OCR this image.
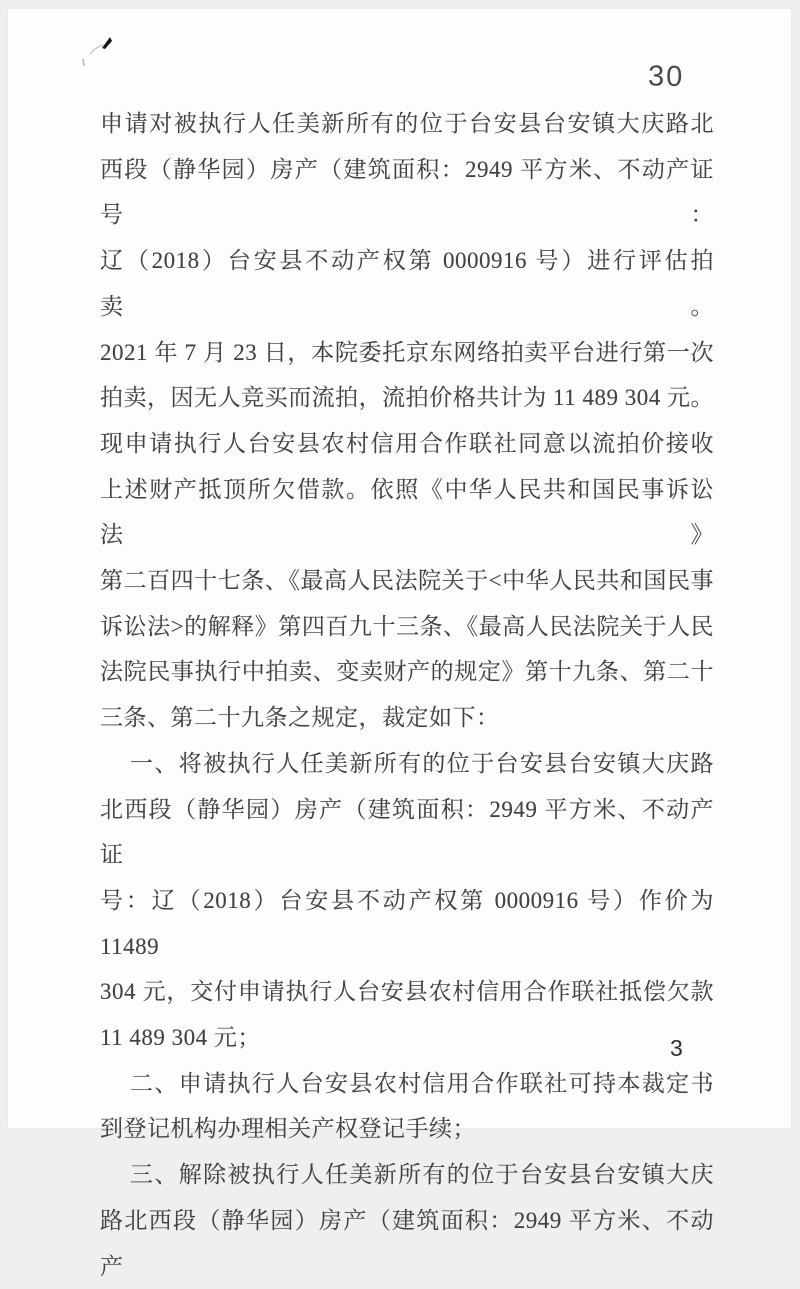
30
申请对被执行人任美新所有的位于台安县台安镇大庆路北
西段（静华园）房产（建筑面积：2949 平方米、不动产证号：
辽（2018）台安县不动产权第 0000916 号）进行评估拍卖。
2021 年 7 月 23 日，本院委托京东网络拍卖平台进行第一次
拍卖，因无人竞买而流拍，流拍价格共计为 11 489 304 元。
现申请执行人台安县农村信用合作联社同意以流拍价接收
上述财产抵顶所欠借款。依照《中华人民共和国民事诉讼法》
第二百四十七条、《最高人民法院关于<中华人民共和国民事
诉讼法>的解释》第四百九十三条、《最高人民法院关于人民
法院民事执行中拍卖、变卖财产的规定》第十九条、第二十
三条、第二十九条之规定，裁定如下：
一、将被执行人任美新所有的位于台安县台安镇大庆路
北西段（静华园）房产（建筑面积：2949 平方米、不动产证
号：辽（2018）台安县不动产权第 0000916 号）作价为 11489
304 元，交付申请执行人台安县农村信用合作联社抵偿欠款
11 489 304 元；
二、申请执行人台安县农村信用合作联社可持本裁定书
到登记机构办理相关产权登记手续；
三、解除被执行人任美新所有的位于台安县台安镇大庆
路北西段（静华园）房产（建筑面积：2949 平方米、不动产
3
